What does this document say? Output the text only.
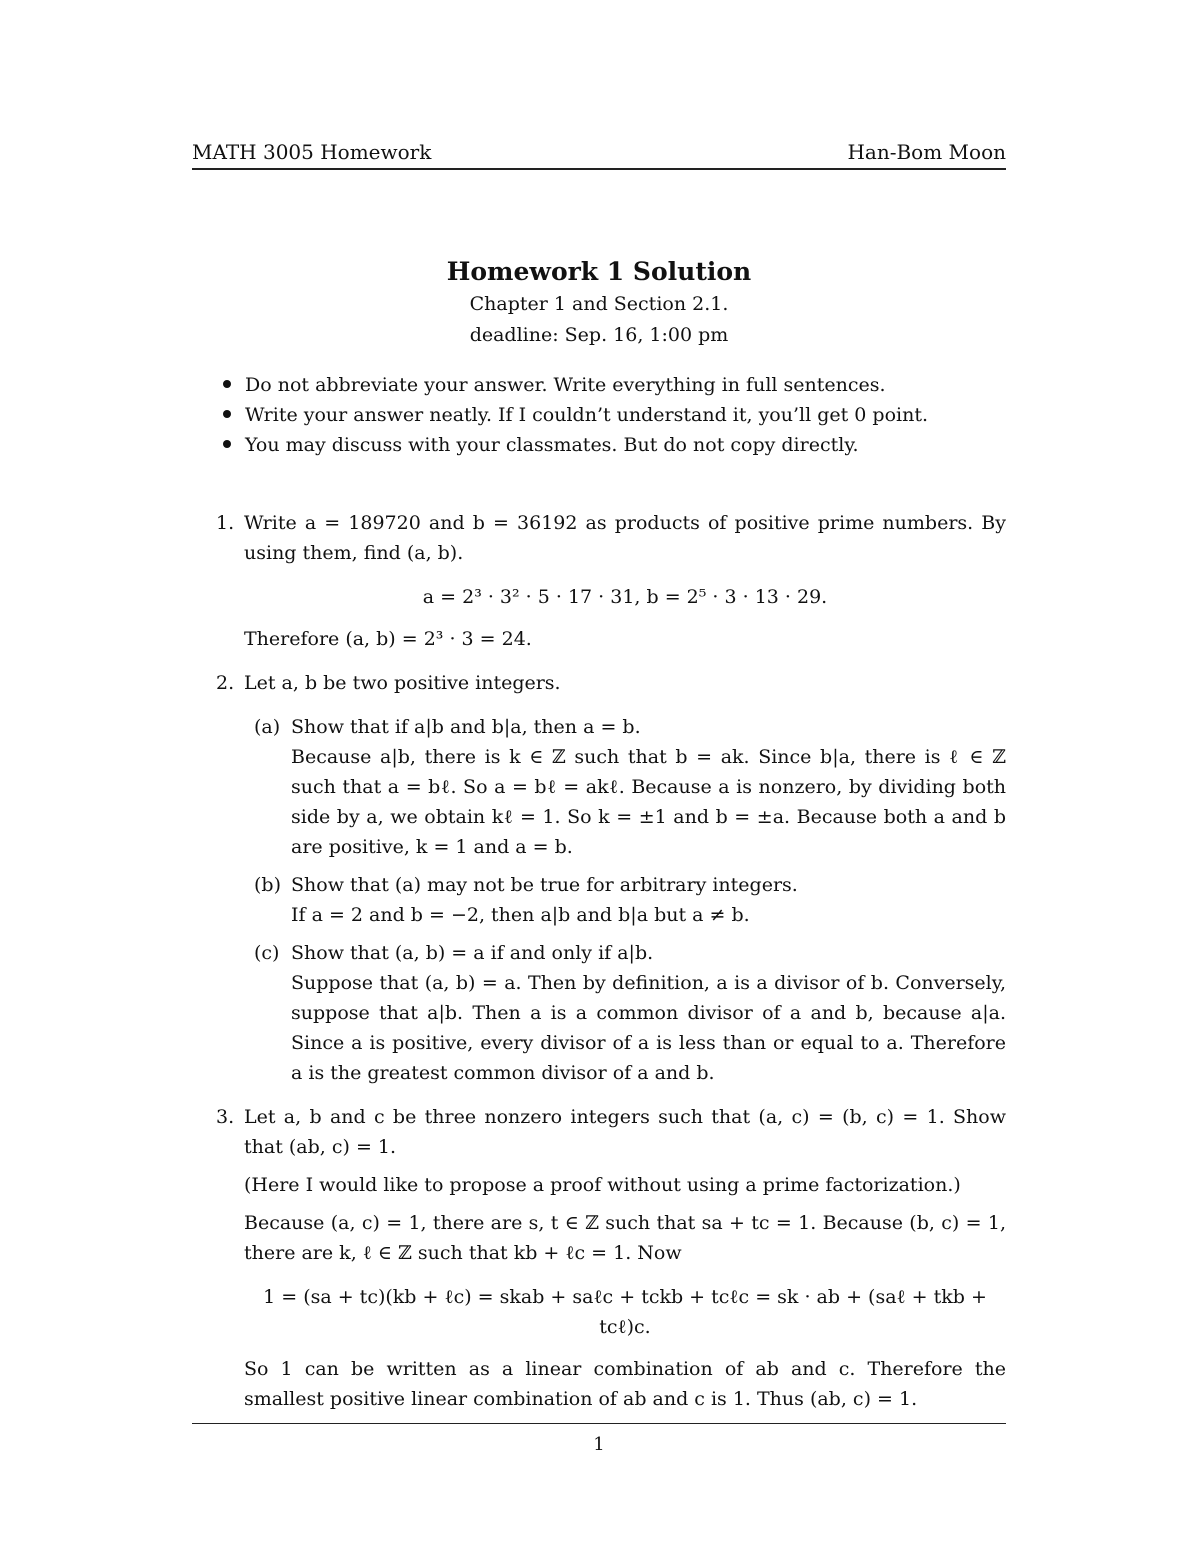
MATH 3005 Homework	Han-Bom Moon
Homework 1 Solution
Chapter 1 and Section 2.1.
deadline: Sep. 16, 1:00 pm
Do not abbreviate your answer. Write everything in full sentences.
Write your answer neatly. If I couldn’t understand it, you’ll get 0 point.
You may discuss with your classmates. But do not copy directly.
1. Write a = 189720 and b = 36192 as products of positive prime numbers. By using them, find (a, b).
a = 2³ · 3² · 5 · 17 · 31, b = 2⁵ · 3 · 13 · 29.
Therefore (a, b) = 2³ · 3 = 24.
2. Let a, b be two positive integers.
(a) Show that if a|b and b|a, then a = b.
Because a|b, there is k ∈ ℤ such that b = ak. Since b|a, there is ℓ ∈ ℤ such that a = bℓ. So a = bℓ = akℓ. Because a is nonzero, by dividing both side by a, we obtain kℓ = 1. So k = ±1 and b = ±a. Because both a and b are positive, k = 1 and a = b.
(b) Show that (a) may not be true for arbitrary integers.
If a = 2 and b = −2, then a|b and b|a but a ≠ b.
(c) Show that (a, b) = a if and only if a|b.
Suppose that (a, b) = a. Then by definition, a is a divisor of b. Conversely, suppose that a|b. Then a is a common divisor of a and b, because a|a. Since a is positive, every divisor of a is less than or equal to a. Therefore a is the greatest common divisor of a and b.
3. Let a, b and c be three nonzero integers such that (a, c) = (b, c) = 1. Show that (ab, c) = 1.
(Here I would like to propose a proof without using a prime factorization.)
Because (a, c) = 1, there are s, t ∈ ℤ such that sa + tc = 1. Because (b, c) = 1, there are k, ℓ ∈ ℤ such that kb + ℓc = 1. Now
1 = (sa + tc)(kb + ℓc) = skab + saℓc + tckb + tcℓc = sk · ab + (saℓ + tkb + tcℓ)c.
So 1 can be written as a linear combination of ab and c. Therefore the smallest positive linear combination of ab and c is 1. Thus (ab, c) = 1.
1
